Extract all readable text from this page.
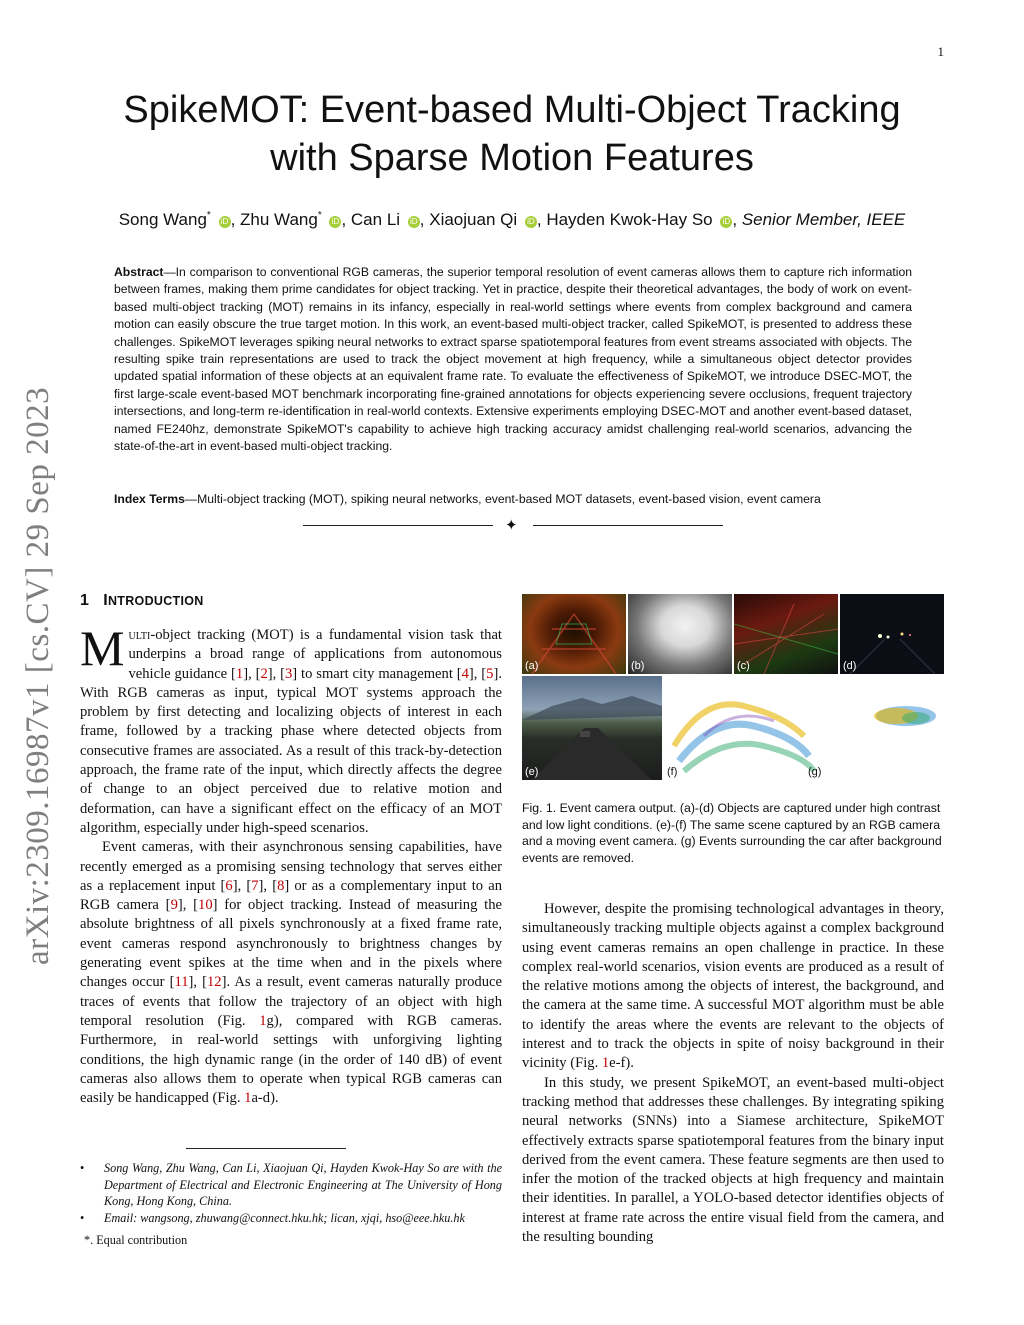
1
arXiv:2309.16987v1 [cs.CV] 29 Sep 2023
SpikeMOT: Event-based Multi-Object Tracking
with Sparse Motion Features
Song Wang* iD , Zhu Wang* iD , Can Li iD , Xiaojuan Qi iD , Hayden Kwok-Hay So iD , Senior Member, IEEE
Abstract—In comparison to conventional RGB cameras, the superior temporal resolution of event cameras allows them to capture rich information between frames, making them prime candidates for object tracking. Yet in practice, despite their theoretical advantages, the body of work on event-based multi-object tracking (MOT) remains in its infancy, especially in real-world settings where events from complex background and camera motion can easily obscure the true target motion. In this work, an event-based multi-object tracker, called SpikeMOT, is presented to address these challenges. SpikeMOT leverages spiking neural networks to extract sparse spatiotemporal features from event streams associated with objects. The resulting spike train representations are used to track the object movement at high frequency, while a simultaneous object detector provides updated spatial information of these objects at an equivalent frame rate. To evaluate the effectiveness of SpikeMOT, we introduce DSEC-MOT, the first large-scale event-based MOT benchmark incorporating fine-grained annotations for objects experiencing severe occlusions, frequent trajectory intersections, and long-term re-identification in real-world contexts. Extensive experiments employing DSEC-MOT and another event-based dataset, named FE240hz, demonstrate SpikeMOT's capability to achieve high tracking accuracy amidst challenging real-world scenarios, advancing the state-of-the-art in event-based multi-object tracking.
Index Terms—Multi-object tracking (MOT), spiking neural networks, event-based MOT datasets, event-based vision, event camera
✦
1 INTRODUCTION

Multi-object tracking (MOT) is a fundamental vision task that underpins a broad range of applications from autonomous vehicle guidance [1], [2], [3] to smart city management [4], [5]. With RGB cameras as input, typical MOT systems approach the problem by first detecting and localizing objects of interest in each frame, followed by a tracking phase where detected objects from consecutive frames are associated. As a result of this track-by-detection approach, the frame rate of the input, which directly affects the degree of change to an object perceived due to relative motion and deformation, can have a significant effect on the efficacy of an MOT algorithm, especially under high-speed scenarios.

Event cameras, with their asynchronous sensing capabilities, have recently emerged as a promising sensing technology that serves either as a replacement input [6], [7], [8] or as a complementary input to an RGB camera [9], [10] for object tracking. Instead of measuring the absolute brightness of all pixels synchronously at a fixed frame rate, event cameras respond asynchronously to brightness changes by generating event spikes at the time when and in the pixels where changes occur [11], [12]. As a result, event cameras naturally produce traces of events that follow the trajectory of an object with high temporal resolution (Fig. 1g), compared with RGB cameras. Furthermore, in real-world settings with unforgiving lighting conditions, the high dynamic range (in the order of 140 dB) of event cameras also allows them to operate when typical RGB cameras can easily be handicapped (Fig. 1a-d).

• Song Wang, Zhu Wang, Can Li, Xiaojuan Qi, Hayden Kwok-Hay So are with the Department of Electrical and Electronic Engineering at The University of Hong Kong, Hong Kong, China.
• Email: wangsong, zhuwang@connect.hku.hk; lican, xjqi, hso@eee.hku.hk
*. Equal contribution
(a)	(b)	(c)	(d)
(e)	(f)	(g)
Fig. 1. Event camera output. (a)-(d) Objects are captured under high contrast and low light conditions. (e)-(f) The same scene captured by an RGB camera and a moving event camera. (g) Events surrounding the car after background events are removed.

However, despite the promising technological advantages in theory, simultaneously tracking multiple objects against a complex background using event cameras remains an open challenge in practice. In these complex real-world scenarios, vision events are produced as a result of the relative motions among the objects of interest, the background, and the camera at the same time. A successful MOT algorithm must be able to identify the areas where the events are relevant to the objects of interest and to track the objects in spite of noisy background in their vicinity (Fig. 1e-f).

In this study, we present SpikeMOT, an event-based multi-object tracking method that addresses these challenges. By integrating spiking neural networks (SNNs) into a Siamese architecture, SpikeMOT effectively extracts sparse spatiotemporal features from the binary input derived from the event camera. These feature segments are then used to infer the motion of the tracked objects at high frequency and maintain their identities. In parallel, a YOLO-based detector identifies objects of interest at frame rate across the entire visual field from the camera, and the resulting bounding
